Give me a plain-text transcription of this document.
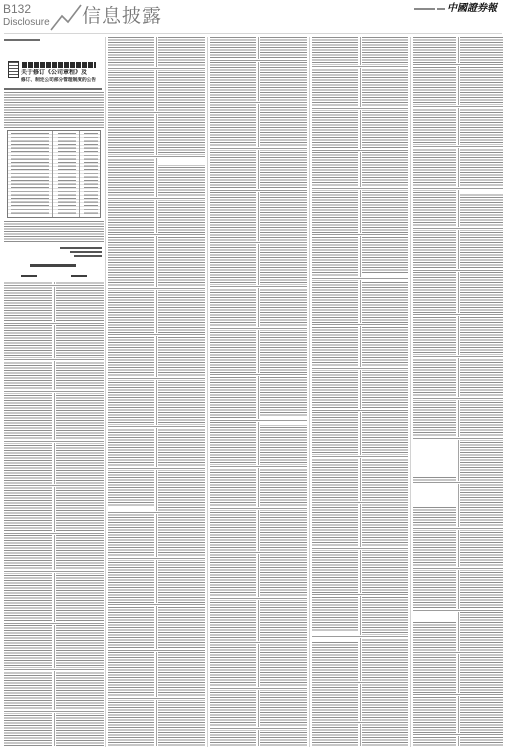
B132
Disclosure 信息披露	中國證券報
关于修订《公司章程》及
修订、制定公司部分管理制度的公告
